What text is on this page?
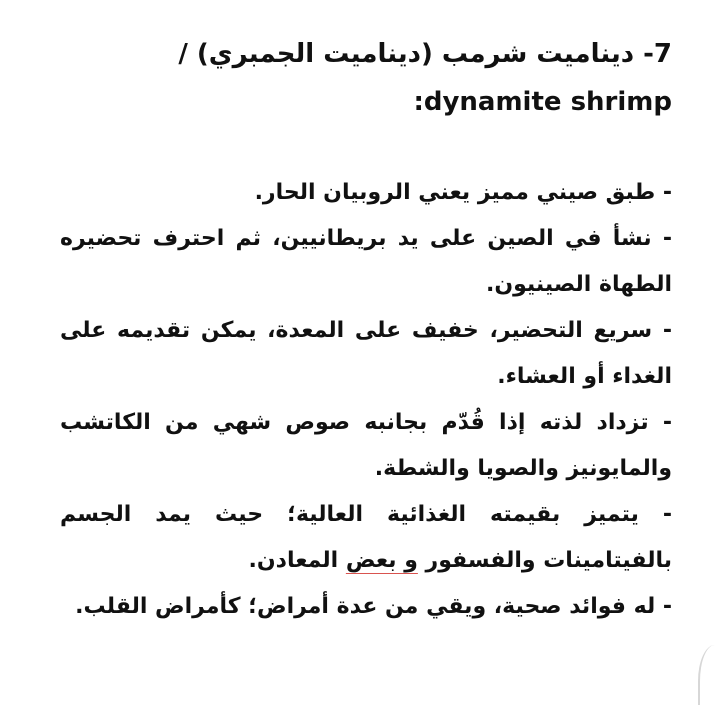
7- ديناميت شرمب (ديناميت الجمبري) /
:dynamite shrimp

- طبق صيني مميز يعني الروبيان الحار.

- نشأ في الصين على يد بريطانيين، ثم احترف تحضيره الطهاة الصينيون.

- سريع التحضير، خفيف على المعدة، يمكن تقديمه على الغداء أو العشاء.

- تزداد لذته إذا قُدّم بجانبه صوص شهي من الكاتشب والمايونيز والصويا والشطة.

- يتميز بقيمته الغذائية العالية؛ حيث يمد الجسم بالفيتامينات والفسفور و بعض المعادن.

- له فوائد صحية، ويقي من عدة أمراض؛ كأمراض القلب.
